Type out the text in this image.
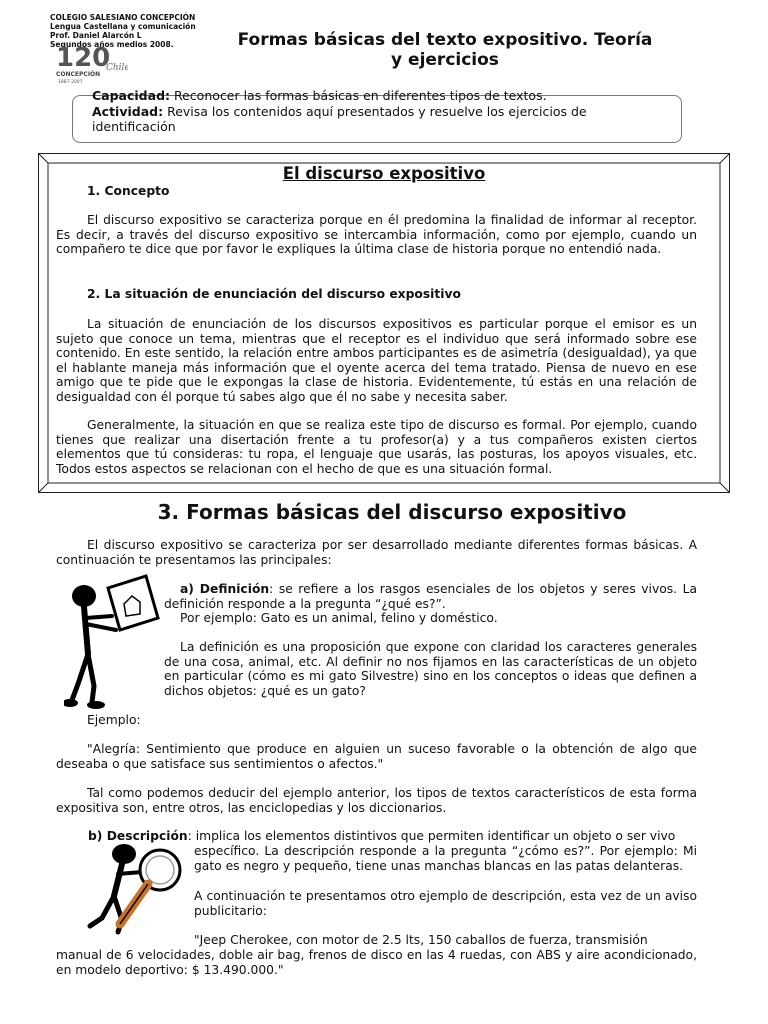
COLEGIO SALESIANO CONCEPCIÓN
Lengua Castellana y comunicación
Prof. Daniel Alarcón L
Segundos años medios 2008.
120
CONCEPCIÓN
Chile
1887-2007
Formas básicas del texto expositivo. Teoría
y ejercicios
Capacidad: Reconocer las formas básicas en diferentes tipos de textos.
Actividad: Revisa los contenidos aquí presentados y resuelve los ejercicios de
identificación
El discurso expositivo
1. Concepto
El discurso expositivo se caracteriza porque en él predomina la finalidad de informar al receptor. Es decir, a través del discurso expositivo se intercambia información, como por ejemplo, cuando un compañero te dice que por favor le expliques la última clase de historia porque no entendió nada.
2. La situación de enunciación del discurso expositivo
La situación de enunciación de los discursos expositivos es particular porque el emisor es un sujeto que conoce un tema, mientras que el receptor es el individuo que será informado sobre ese contenido. En este sentido, la relación entre ambos participantes es de asimetría (desigualdad), ya que el hablante maneja más información que el oyente acerca del tema tratado. Piensa de nuevo en ese amigo que te pide que le expongas la clase de historia. Evidentemente, tú estás en una relación de desigualdad con él porque tú sabes algo que él no sabe y necesita saber.
Generalmente, la situación en que se realiza este tipo de discurso es formal. Por ejemplo, cuando tienes que realizar una disertación frente a tu profesor(a) y a tus compañeros existen ciertos elementos que tú consideras: tu ropa, el lenguaje que usarás, las posturas, los apoyos visuales, etc. Todos estos aspectos se relacionan con el hecho de que es una situación formal.
3. Formas básicas del discurso expositivo
El discurso expositivo se caracteriza por ser desarrollado mediante diferentes formas básicas. A continuación te presentamos las principales:
a) Definición: se refiere a los rasgos esenciales de los objetos y seres vivos. La definición responde a la pregunta “¿qué es?”.
Por ejemplo: Gato es un animal, felino y doméstico.
La definición es una proposición que expone con claridad los caracteres generales de una cosa, animal, etc. Al definir no nos fijamos en las características de un objeto en particular (cómo es mi gato Silvestre) sino en los conceptos o ideas que definen a dichos objetos: ¿qué es un gato?
Ejemplo:
"Alegría: Sentimiento que produce en alguien un suceso favorable o la obtención de algo que deseaba o que satisface sus sentimientos o afectos."
Tal como podemos deducir del ejemplo anterior, los tipos de textos característicos de esta forma expositiva son, entre otros, las enciclopedias y los diccionarios.
b) Descripción: implica los elementos distintivos que permiten identificar un objeto o ser vivo
específico. La descripción responde a la pregunta “¿cómo es?”. Por ejemplo: Mi gato es negro y pequeño, tiene unas manchas blancas en las patas delanteras.
A continuación te presentamos otro ejemplo de descripción, esta vez de un aviso publicitario:
"Jeep Cherokee, con motor de 2.5 lts, 150 caballos de fuerza, transmisión
manual de 6 velocidades, doble air bag, frenos de disco en las 4 ruedas, con ABS y aire acondicionado, en modelo deportivo: $ 13.490.000."
